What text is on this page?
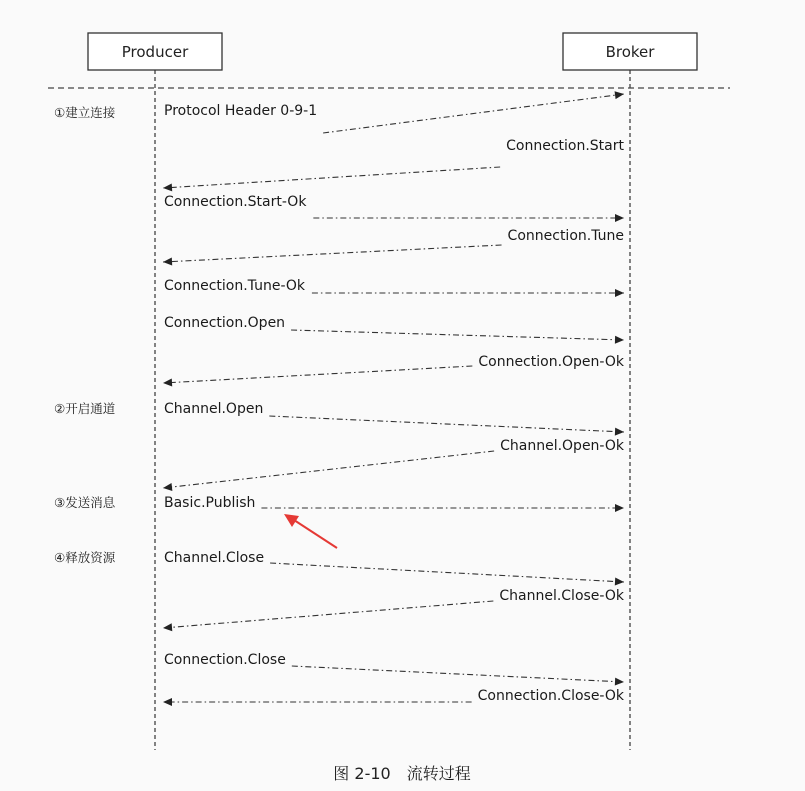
Producer	Broker
①建立连接
②开启通道
③发送消息
④释放资源
Protocol Header 0-9-1
Connection.Start
Connection.Start-Ok
Connection.Tune
Connection.Tune-Ok
Connection.Open
Connection.Open-Ok
Channel.Open
Channel.Open-Ok
Basic.Publish
Channel.Close
Channel.Close-Ok
Connection.Close
Connection.Close-Ok
图 2-10　流转过程
